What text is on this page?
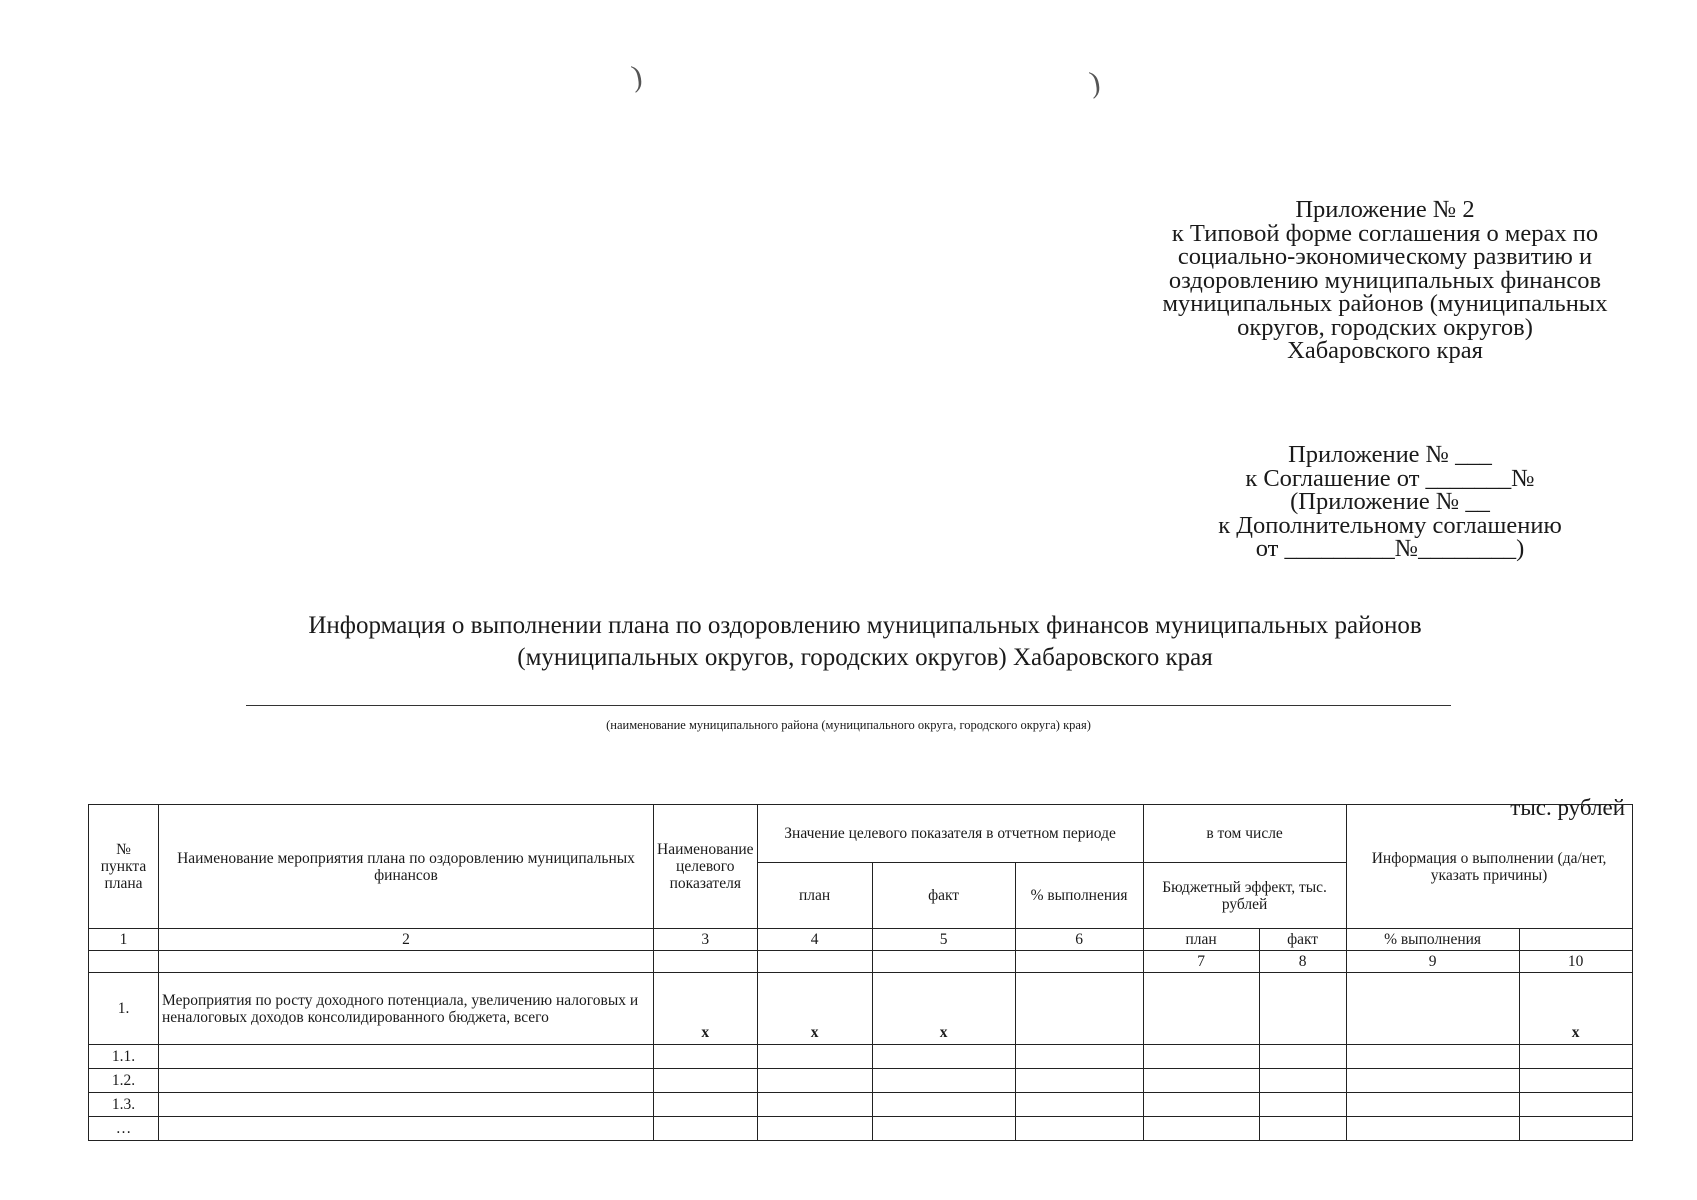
)	)
Приложение № 2
к Типовой форме соглашения о мерах по
социально-экономическому развитию и
оздоровлению муниципальных финансов
муниципальных районов (муниципальных
округов, городских округов)
Хабаровского края
Приложение № ___
к Соглашение от _______№
(Приложение № __
к Дополнительному соглашению
от _________№________)
Информация о выполнении плана по оздоровлению муниципальных финансов муниципальных районов
(муниципальных округов, городских округов) Хабаровского края
(наименование муниципального района (муниципального округа, городского округа) края)
тыс. рублей
№ пункта плана	Наименование мероприятия плана по оздоровлению муниципальных финансов	Наименование целевого показателя	Значение целевого показателя в отчетном периоде			в том числе		Информация о выполнении (да/нет, указать причины)	
			план	факт	% выполнения	Бюджетный эффект, тыс. рублей			
1	2	3	4	5	6	план	факт	% выполнения	
						7	8	9	10
1.	Мероприятия по росту доходного потенциала, увеличению налоговых и неналоговых доходов консолидированного бюджета, всего	x	x	x					x
1.1.									
1.2.									
1.3.									
…									
